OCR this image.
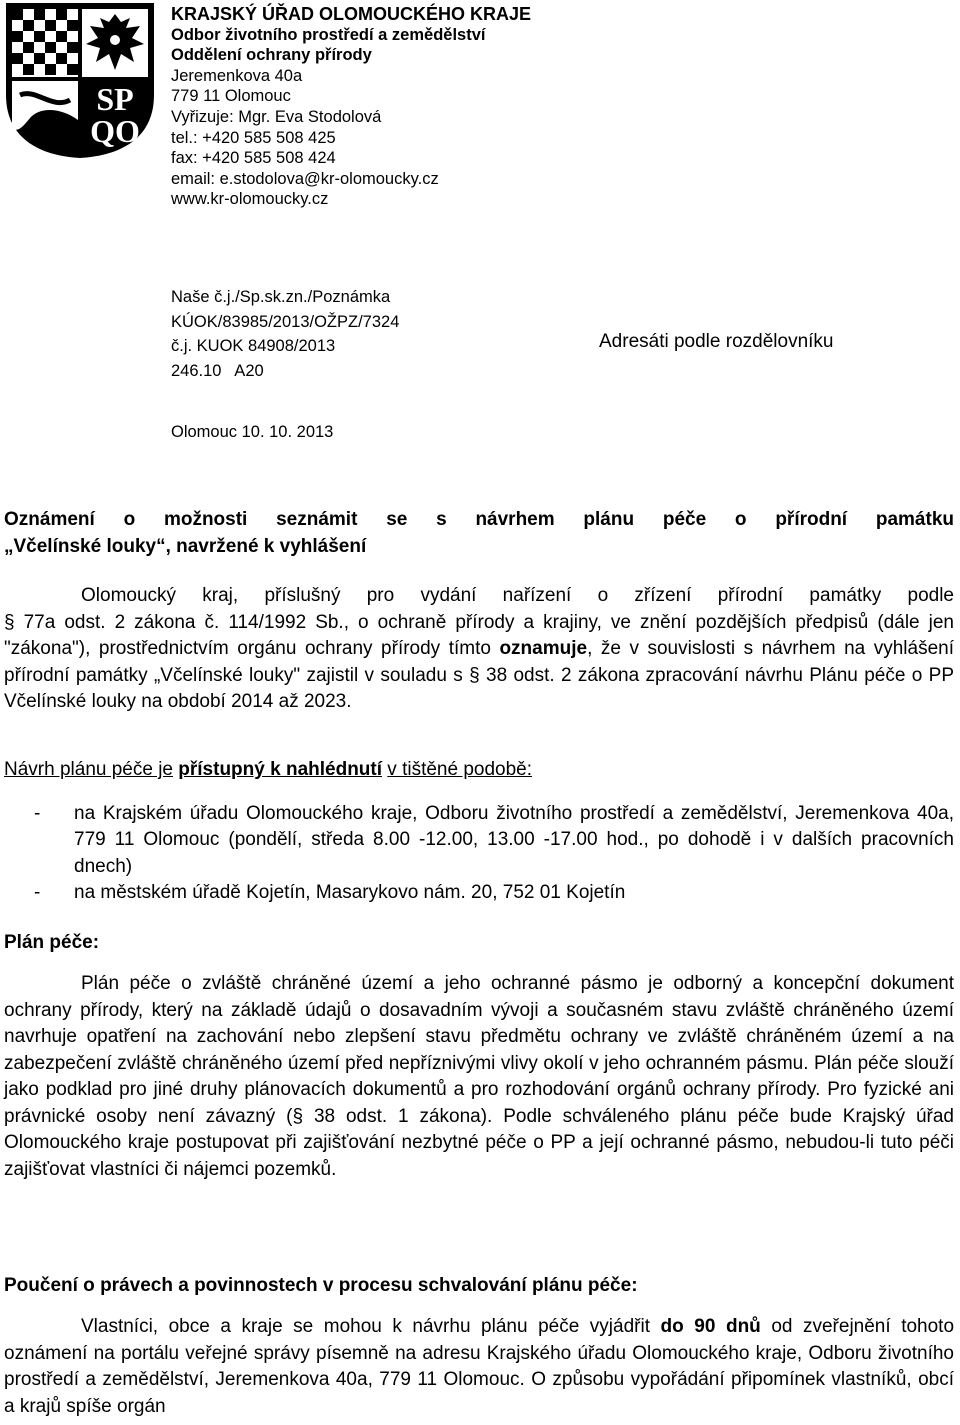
SP
QO
KRAJSKÝ ÚŘAD OLOMOUCKÉHO KRAJE
Odbor životního prostředí a zemědělství
Oddělení ochrany přírody
Jeremenkova 40a
779 11 Olomouc
Vyřizuje: Mgr. Eva Stodolová
tel.: +420 585 508 425
fax: +420 585 508 424
email: e.stodolova@kr-olomoucky.cz
www.kr-olomoucky.cz
Naše č.j./Sp.sk.zn./Poznámka
KÚOK/83985/2013/OŽPZ/7324
č.j. KUOK 84908/2013
246.10   A20
Adresáti podle rozdělovníku
Olomouc 10. 10. 2013
Oznámení o možnosti seznámit se s návrhem plánu péče o přírodní památku
„Včelínské louky“, navržené k vyhlášení

Olomoucký kraj, příslušný pro vydání nařízení o zřízení přírodní památky podle

§ 77a odst. 2 zákona č. 114/1992 Sb., o ochraně přírody a krajiny, ve znění pozdějších předpisů (dále jen "zákona"), prostřednictvím orgánu ochrany přírody tímto oznamuje, že v souvislosti s návrhem na vyhlášení přírodní památky „Včelínské louky" zajistil v souladu s § 38 odst. 2 zákona zpracování návrhu Plánu péče o PP Včelínské louky na období 2014 až 2023.

Návrh plánu péče je přístupný k nahlédnutí v tištěné podobě:

- na Krajském úřadu Olomouckého kraje, Odboru životního prostředí a zemědělství, Jeremenkova 40a, 779 11 Olomouc (pondělí, středa 8.00 -12.00, 13.00 -17.00 hod., po dohodě i v dalších pracovních dnech)
- na městském úřadě Kojetín, Masarykovo nám. 20, 752 01 Kojetín
Plán péče:

Plán péče o zvláště chráněné území a jeho ochranné pásmo je odborný a koncepční dokument ochrany přírody, který na základě údajů o dosavadním vývoji a současném stavu zvláště chráněného území navrhuje opatření na zachování nebo zlepšení stavu předmětu ochrany ve zvláště chráněném území a na zabezpečení zvláště chráněného území před nepříznivými vlivy okolí v jeho ochranném pásmu. Plán péče slouží jako podklad pro jiné druhy plánovacích dokumentů a pro rozhodování orgánů ochrany přírody. Pro fyzické ani právnické osoby není závazný (§ 38 odst. 1 zákona). Podle schváleného plánu péče bude Krajský úřad Olomouckého kraje postupovat při zajišťování nezbytné péče o PP a její ochranné pásmo, nebudou-li tuto péči zajišťovat vlastníci či nájemci pozemků.

Poučení o právech a povinnostech v procesu schvalování plánu péče:

Vlastníci, obce a kraje se mohou k návrhu plánu péče vyjádřit do 90 dnů od zveřejnění tohoto oznámení na portálu veřejné správy písemně na adresu Krajského úřadu Olomouckého kraje, Odboru životního prostředí a zemědělství, Jeremenkova 40a, 779 11 Olomouc. O způsobu vypořádání připomínek vlastníků, obcí a krajů spíše orgán
